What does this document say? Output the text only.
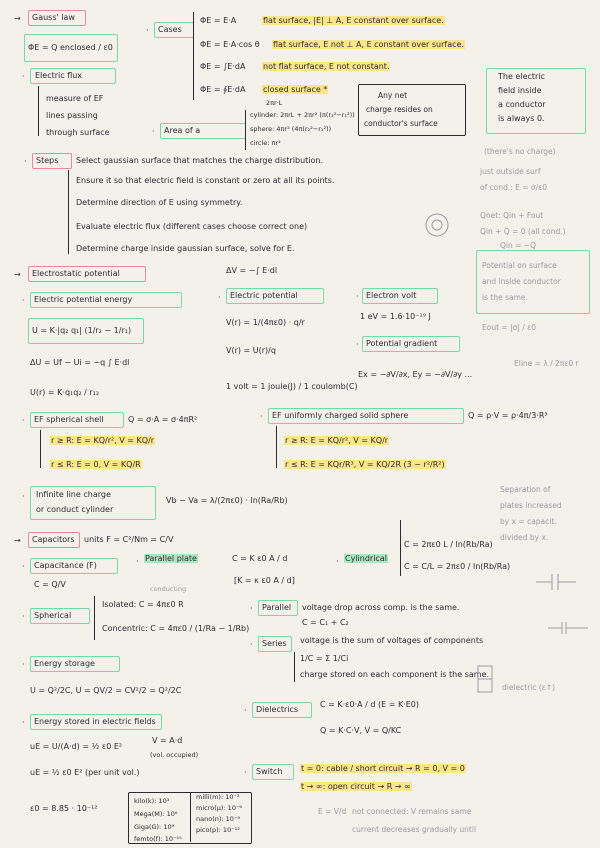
→ Gauss' law
ΦE = Q enclosed / ε0
· Electric flux
measure of EF
lines passing
through surface
· Cases
ΦE = E·A	flat surface, |E| ⊥ A, E constant over surface.
ΦE = E·A·cos θ flat surface, E not ⊥ A, E constant over surface.
ΦE = ∫E·dA not flat surface, E not constant.
ΦE = ∮E·dA closed surface *
The electric
field inside
a conductor
is always 0.
· Area of a
2πr·L
cylinder: 2πrL + 2πr² (π(r₂²−r₁²))
sphere: 4πr² (4π(r₂²−r₁²))
circle: πr²
Any net
charge resides on
conductor's surface
· Steps Select gaussian surface that matches the charge distribution.
Ensure it so that electric field is constant or zero at all its points.
Determine direction of E using symmetry.
Evaluate electric flux (different cases choose correct one)
Determine charge inside gaussian surface, solve for E.
(there's no charge)
just outside surf
of cond.: E = σ/ε0
Qnet: Qin + Fout
Qin + Q = 0 (all cond.)
Qin = −Q
→ Electrostatic potential	ΔV = −∫ E·dl
· Electric potential energy
U = K·|q₂ q₁| (1/r₂ − 1/r₁)
ΔU = Uf − Ui = −q ∫ E·dl
U(r) = K·q₁q₂ / r₁₂
· Electric potential
V(r) = 1/(4πε0) · q/r
V(r) = U(r)/q
1 volt = 1 joule(J) / 1 coulomb(C)
· Electron volt
1 eV = 1.6·10⁻¹⁹ J
· Potential gradient
Ex = −∂V/∂x, Ey = −∂V/∂y ...
Potential on surface
and inside conductor
is the same.
Eout = |σ| / ε0
Eline = λ / 2πε0 r
· EF spherical shell	Q = σ·A = σ·4πR²
r ≥ R: E = KQ/r², V = KQ/r
r ≤ R: E = 0, V = KQ/R
· EF uniformly charged solid sphere	Q = ρ·V = ρ·4π/3·R³
r ≥ R: E = KQ/r², V = KQ/r
r ≤ R: E = KQr/R³, V = KQ/2R (3 − r²/R²)
· Infinite line charge
or conduct cylinder
Vb − Va = λ/(2πε0) · ln(Ra/Rb)
Separation of
plates increased
by x = capacit.
divided by x.
→ Capacitors units F = C²/Nm = C/V
· Capacitance (F)
C = Q/V
· Parallel plate	C = K ε0 A / d
[K = κ ε0 A / d]
· Cylindrical
C = 2πε0 L / ln(Rb/Ra)
C = C/L = 2πε0 / ln(Rb/Ra)
conducting
· Spherical
Isolated: C = 4πε0 R
Concentric: C = 4πε0 / (1/Ra − 1/Rb)
· Parallel voltage drop across comp. is the same.
C = C₁ + C₂
· Series voltage is the sum of voltages of components
1/C = Σ 1/Ci
charge stored on each component is the same.
· Energy storage
U = Q²/2C, U = QV/2 = CV²/2 = Q²/2C
· Energy stored in electric fields
uE = U/(A·d) = ½ ε0 E²
V = A·d
(vol. occupied)
uE = ½ ε0 E² (per unit vol.)
· Dielectrics
C = K·ε0·A / d (E = K·E0)
Q = K·C·V, V = Q/KC
dielectric (ε↑)
· Switch t = 0: cable / short circuit → R = 0, V = 0
t → ∞: open circuit → R → ∞
ε0 = 8.85 · 10⁻¹²
kilo(k): 10³
Mega(M): 10⁶
Giga(G): 10⁹
milli(m): 10⁻³
micro(μ): 10⁻⁶
nano(n): 10⁻⁹
pico(p): 10⁻¹²
femto(f): 10⁻¹⁵
E = V/d not connected: V remains same
current decreases gradually until
